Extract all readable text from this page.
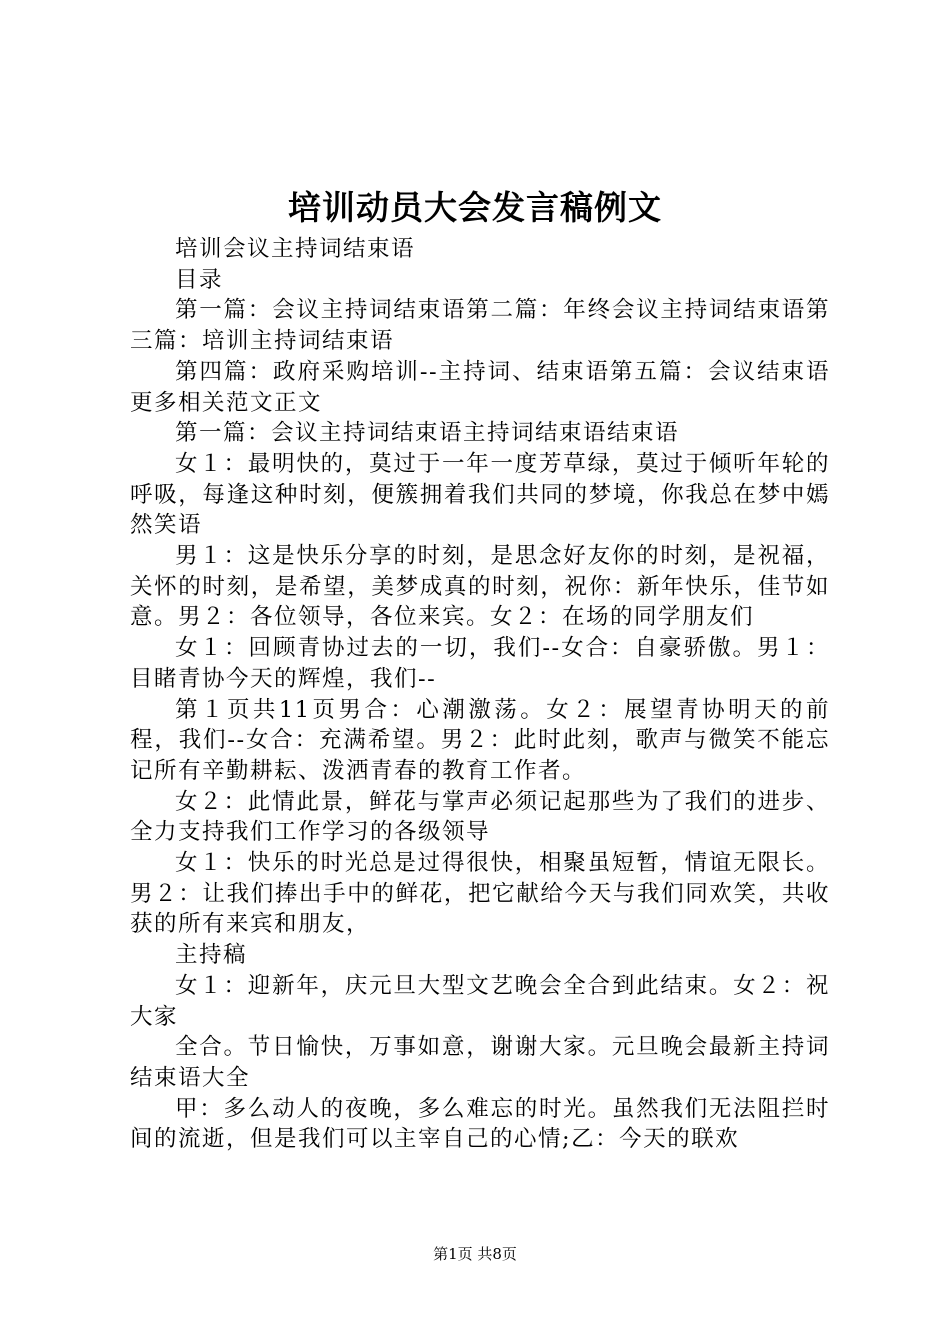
培训动员大会发言稿例文

培训会议主持词结束语

目录

第一篇：会议主持词结束语第二篇：年终会议主持词结束语第三篇：培训主持词结束语

第四篇：政府采购培训--主持词、结束语第五篇：会议结束语更多相关范文正文

第一篇：会议主持词结束语主持词结束语结束语

女１：最明快的，莫过于一年一度芳草绿，莫过于倾听年轮的呼吸，每逢这种时刻，便簇拥着我们共同的梦境，你我总在梦中嫣然笑语

男１：这是快乐分享的时刻，是思念好友你的时刻，是祝福，关怀的时刻，是希望，美梦成真的时刻，祝你：新年快乐，佳节如意。男２：各位领导，各位来宾。女２：在场的同学朋友们

女１：回顾青协过去的一切，我们--女合：自豪骄傲。男１：目睹青协今天的辉煌，我们--

第１页共11页男合：心潮激荡。女２：展望青协明天的前程，我们--女合：充满希望。男２：此时此刻，歌声与微笑不能忘记所有辛勤耕耘、泼洒青春的教育工作者。

女２：此情此景，鲜花与掌声必须记起那些为了我们的进步、全力支持我们工作学习的各级领导

女１：快乐的时光总是过得很快，相聚虽短暂，情谊无限长。男２：让我们捧出手中的鲜花，把它献给今天与我们同欢笑，共收获的所有来宾和朋友，

主持稿

女１：迎新年，庆元旦大型文艺晚会全合到此结束。女２：祝大家

全合。节日愉快，万事如意，谢谢大家。元旦晚会最新主持词结束语大全

甲：多么动人的夜晚，多么难忘的时光。虽然我们无法阻拦时间的流逝，但是我们可以主宰自己的心情;乙：今天的联欢

第1页 共8页
